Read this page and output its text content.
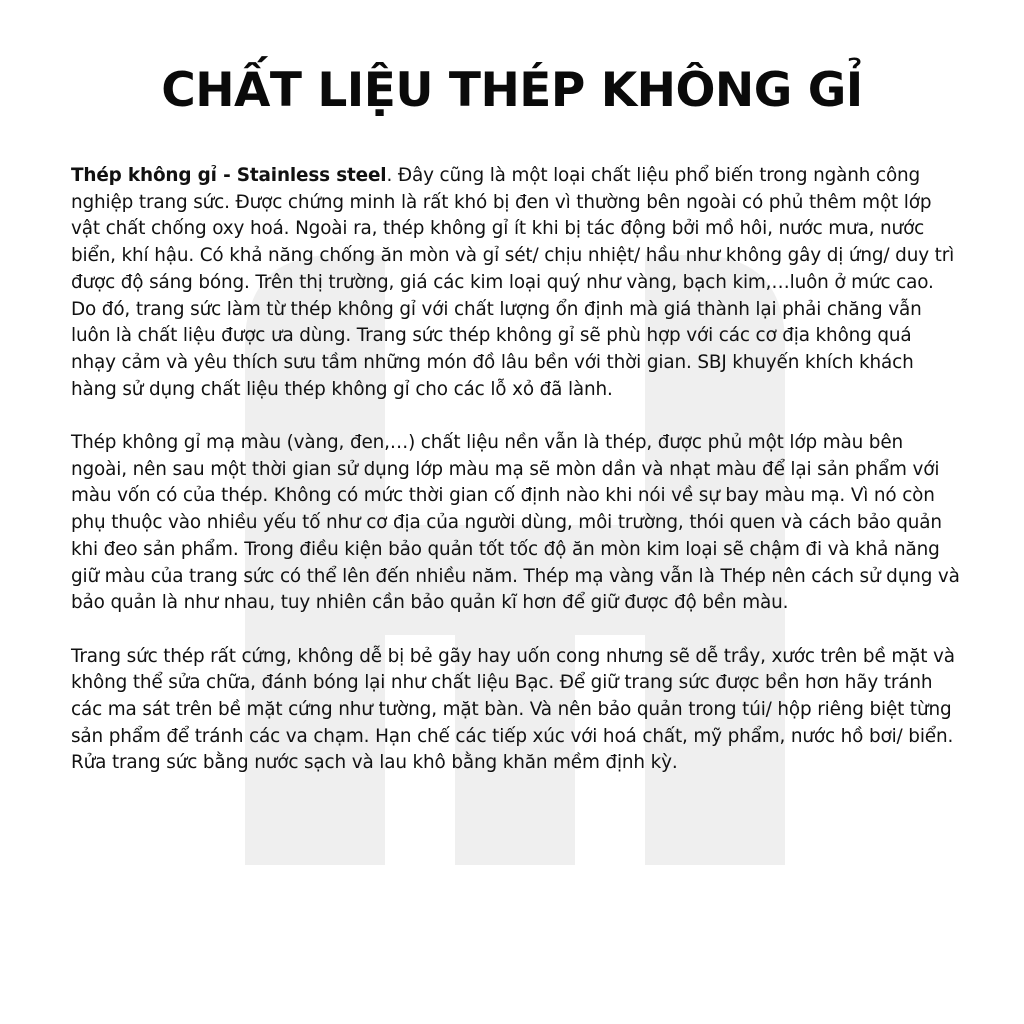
CHẤT LIỆU THÉP KHÔNG GỈ

Thép không gỉ - Stainless steel. Đây cũng là một loại chất liệu phổ biến trong ngành công nghiệp trang sức. Được chứng minh là rất khó bị đen vì thường bên ngoài có phủ thêm một lớp vật chất chống oxy hoá. Ngoài ra, thép không gỉ ít khi bị tác động bởi mồ hôi, nước mưa, nước biển, khí hậu. Có khả năng chống ăn mòn và gỉ sét/ chịu nhiệt/ hầu như không gây dị ứng/ duy trì được độ sáng bóng. Trên thị trường, giá các kim loại quý như vàng, bạch kim,…luôn ở mức cao. Do đó, trang sức làm từ thép không gỉ với chất lượng ổn định mà giá thành lại phải chăng vẫn luôn là chất liệu được ưa dùng. Trang sức thép không gỉ sẽ phù hợp với các cơ địa không quá nhạy cảm và yêu thích sưu tầm những món đồ lâu bền với thời gian. SBJ khuyến khích khách hàng sử dụng chất liệu thép không gỉ cho các lỗ xỏ đã lành.

Thép không gỉ mạ màu (vàng, đen,…) chất liệu nền vẫn là thép, được phủ một lớp màu bên ngoài, nên sau một thời gian sử dụng lớp màu mạ sẽ mòn dần và nhạt màu để lại sản phẩm với màu vốn có của thép. Không có mức thời gian cố định nào khi nói về sự bay màu mạ. Vì nó còn phụ thuộc vào nhiều yếu tố như cơ địa của người dùng, môi trường, thói quen và cách bảo quản khi đeo sản phẩm. Trong điều kiện bảo quản tốt tốc độ ăn mòn kim loại sẽ chậm đi và khả năng giữ màu của trang sức có thể lên đến nhiều năm. Thép mạ vàng vẫn là Thép nên cách sử dụng và bảo quản là như nhau, tuy nhiên cần bảo quản kĩ hơn để giữ được độ bền màu.

Trang sức thép rất cứng, không dễ bị bẻ gãy hay uốn cong nhưng sẽ dễ trầy, xước trên bề mặt và không thể sửa chữa, đánh bóng lại như chất liệu Bạc. Để giữ trang sức được bền hơn hãy tránh các ma sát trên bề mặt cứng như tường, mặt bàn. Và nên bảo quản trong túi/ hộp riêng biệt từng sản phẩm để tránh các va chạm. Hạn chế các tiếp xúc với hoá chất, mỹ phẩm, nước hồ bơi/ biển. Rửa trang sức bằng nước sạch và lau khô bằng khăn mềm định kỳ.
